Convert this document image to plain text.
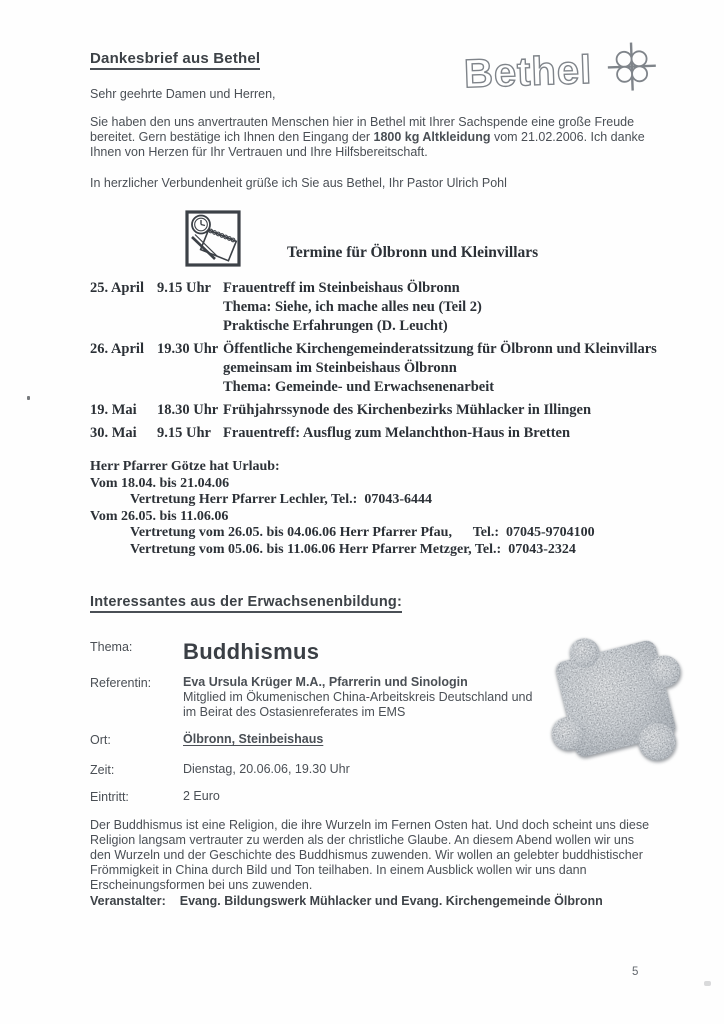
Dankesbrief aus Bethel
Sehr geehrte Damen und Herren,
Sie haben den uns anvertrauten Menschen hier in Bethel mit Ihrer Sachspende eine große Freude
bereitet. Gern bestätige ich Ihnen den Eingang der 1800 kg Altkleidung vom 21.02.2006. Ich danke
Ihnen von Herzen für Ihr Vertrauen und Ihre Hilfsbereitschaft.
In herzlicher Verbundenheit grüße ich Sie aus Bethel, Ihr Pastor Ulrich Pohl
Bethel
Termine für Ölbronn und Kleinvillars
25. April 9.15 Uhr Frauentreff im Steinbeishaus Ölbronn
Thema: Siehe, ich mache alles neu (Teil 2)
Praktische Erfahrungen (D. Leucht)
26. April 19.30 Uhr Öffentliche Kirchengemeinderatssitzung für Ölbronn und Kleinvillars
gemeinsam im Steinbeishaus Ölbronn
Thema: Gemeinde- und Erwachsenenarbeit
19. Mai	18.30 Uhr Frühjahrssynode des Kirchenbezirks Mühlacker in Illingen
30. Mai	9.15 Uhr Frauentreff: Ausflug zum Melanchthon-Haus in Bretten
Herr Pfarrer Götze hat Urlaub:
Vom 18.04. bis 21.04.06
Vertretung Herr Pfarrer Lechler, Tel.:  07043-6444
Vom 26.05. bis 11.06.06
Vertretung vom 26.05. bis 04.06.06 Herr Pfarrer Pfau,      Tel.:  07045-9704100
Vertretung vom 05.06. bis 11.06.06 Herr Pfarrer Metzger, Tel.:  07043-2324
Interessantes aus der Erwachsenenbildung:
Thema:	Buddhismus
Referentin:	Eva Ursula Krüger M.A., Pfarrerin und Sinologin
Mitglied im Ökumenischen China-Arbeitskreis Deutschland und
im Beirat des Ostasienreferates im EMS
Ort:	Ölbronn, Steinbeishaus
Zeit:	Dienstag, 20.06.06, 19.30 Uhr
Eintritt:	2 Euro
Der Buddhismus ist eine Religion, die ihre Wurzeln im Fernen Osten hat. Und doch scheint uns diese
Religion langsam vertrauter zu werden als der christliche Glaube. An diesem Abend wollen wir uns
den Wurzeln und der Geschichte des Buddhismus zuwenden. Wir wollen an gelebter buddhistischer
Frömmigkeit in China durch Bild und Ton teilhaben. In einem Ausblick wollen wir uns dann
Erscheinungsformen bei uns zuwenden.
Veranstalter: Evang. Bildungswerk Mühlacker und Evang. Kirchengemeinde Ölbronn
5
